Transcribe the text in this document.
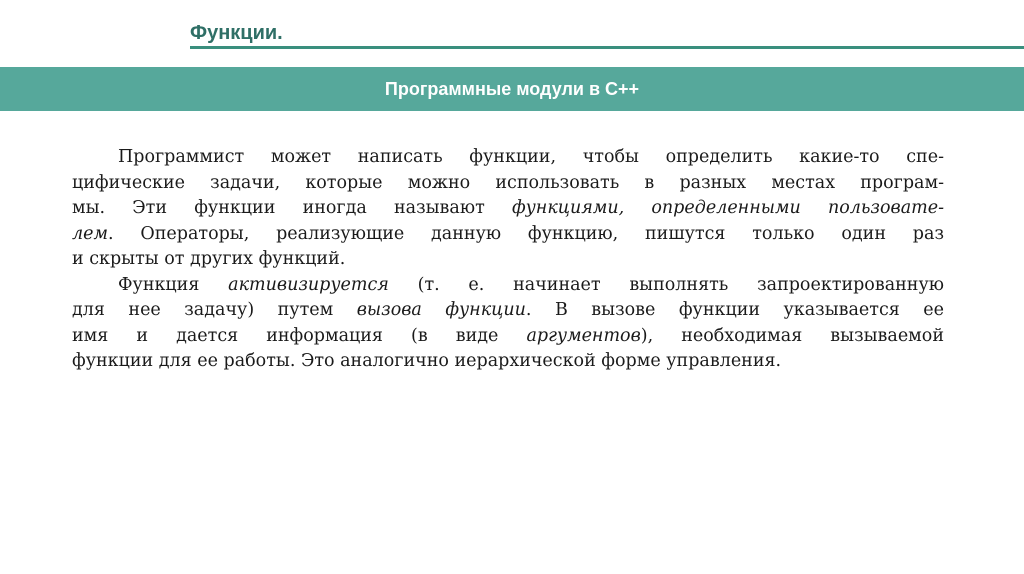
Функции.
Программные модули в C++
Программист может написать функции, чтобы определить какие-то спе-
цифические задачи, которые можно использовать в разных местах програм-
мы. Эти функции иногда называют функциями, определенными пользовате-
лем. Операторы, реализующие данную функцию, пишутся только один раз
и скрыты от других функций.
Функция активизируется (т. е. начинает выполнять запроектированную
для нее задачу) путем вызова функции. В вызове функции указывается ее
имя и дается информация (в виде аргументов), необходимая вызываемой
функции для ее работы. Это аналогично иерархической форме управления.
